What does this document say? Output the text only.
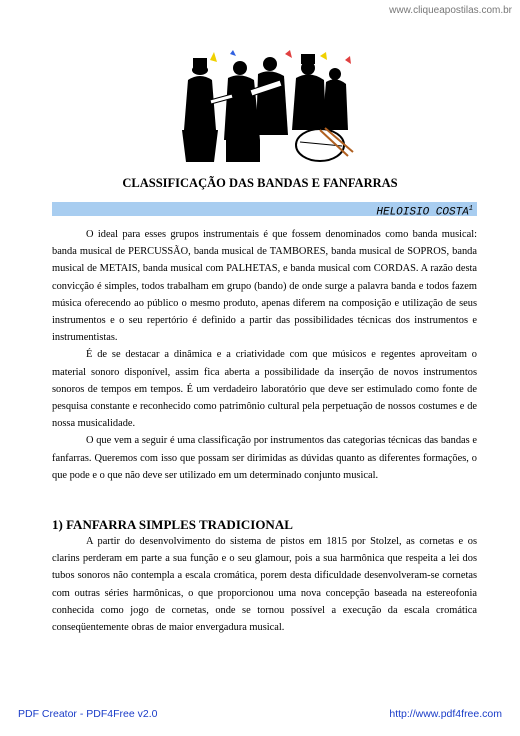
www.cliqueapostilas.com.br
CLASSIFICAÇÃO DAS BANDAS E FANFARRAS
HELOISIO COSTA$^1$

O ideal para esses grupos instrumentais é que fossem denominados como banda musical: banda musical de PERCUSSÃO, banda musical de TAMBORES, banda musical de SOPROS, banda musical de METAIS, banda musical com PALHETAS, e banda musical com CORDAS. A razão desta convicção é simples, todos trabalham em grupo (bando) de onde surge a palavra banda e todos fazem música oferecendo ao público o mesmo produto, apenas diferem na composição e utilização de seus instrumentos e o seu repertório é definido a partir das possibilidades técnicas dos instrumentos e instrumentistas.

É de se destacar a dinâmica e a criatividade com que músicos e regentes aproveitam o material sonoro disponível, assim fica aberta a possibilidade da inserção de novos instrumentos sonoros de tempos em tempos. É um verdadeiro laboratório que deve ser estimulado como fonte de pesquisa constante e reconhecido como patrimônio cultural pela perpetuação de nossos costumes e de nossa musicalidade.

O que vem a seguir é uma classificação por instrumentos das categorias técnicas das bandas e fanfarras. Queremos com isso que possam ser dirimidas as dúvidas quanto as diferentes formações, o que pode e o que não deve ser utilizado em um determinado conjunto musical.

1) FANFARRA SIMPLES TRADICIONAL

A partir do desenvolvimento do sistema de pistos em 1815 por Stolzel, as cornetas e os clarins perderam em parte a sua função e o seu glamour, pois a sua harmônica que respeita a lei dos tubos sonoros não contempla a escala cromática, porem desta dificuldade desenvolveram-se cornetas com outras séries harmônicas, o que proporcionou uma nova concepção baseada na estereofonia conhecida como jogo de cornetas, onde se tornou possível a execução da escala cromática conseqüentemente obras de maior envergadura musical.

PDF Creator - PDF4Free v2.0	http://www.pdf4free.com
